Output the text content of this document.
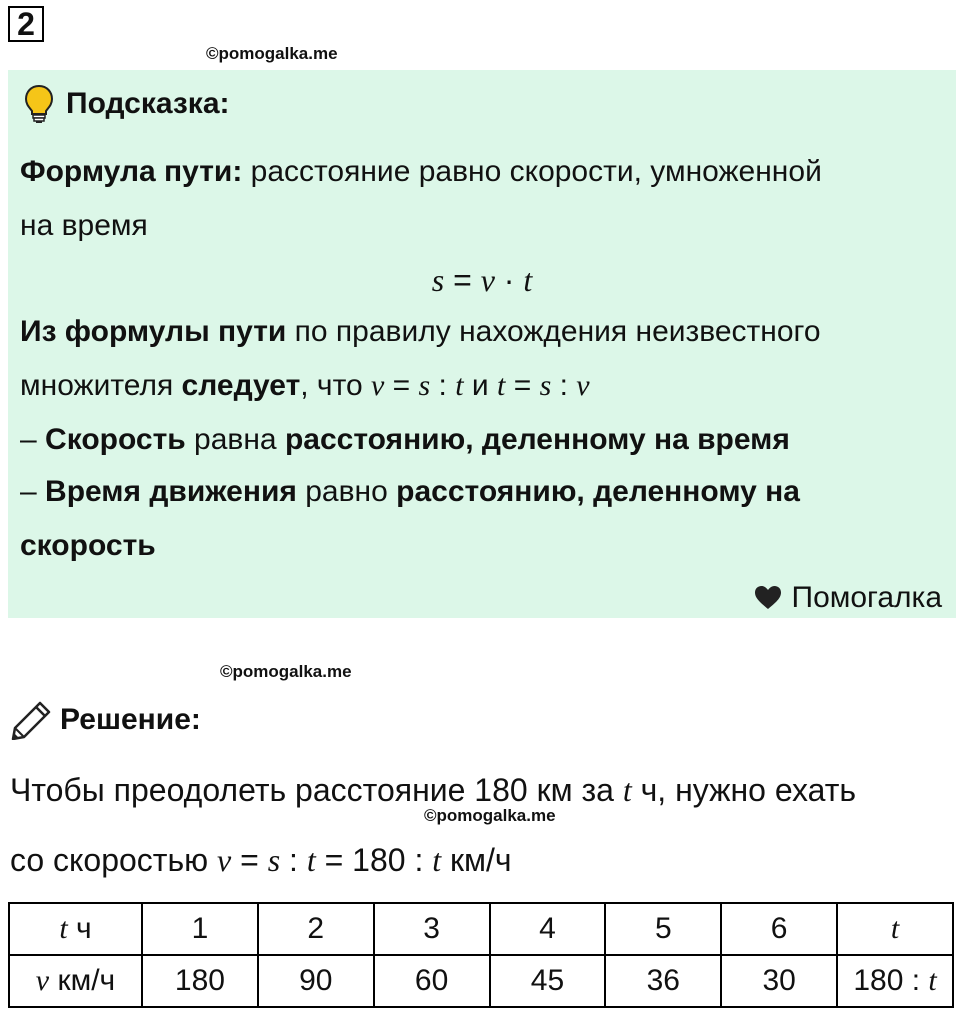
2
©pomogalka.me
Подсказка:
Формула пути: расстояние равно скорости, умноженной
на время
s = v · t
Из формулы пути по правилу нахождения неизвестного
множителя следует, что v = s : t и t = s : v
– Скорость равна расстоянию, деленному на время
– Время движения равно расстоянию, деленному на
скорость
Помогалка
©pomogalka.me
Решение:
Чтобы преодолеть расстояние 180 км за t ч, нужно ехать
©pomogalka.me
со скоростью v = s : t = 180 : t км/ч
t ч	1	2	3	4	5	6	t
v км/ч	180	90	60	45	36	30	180 : t
